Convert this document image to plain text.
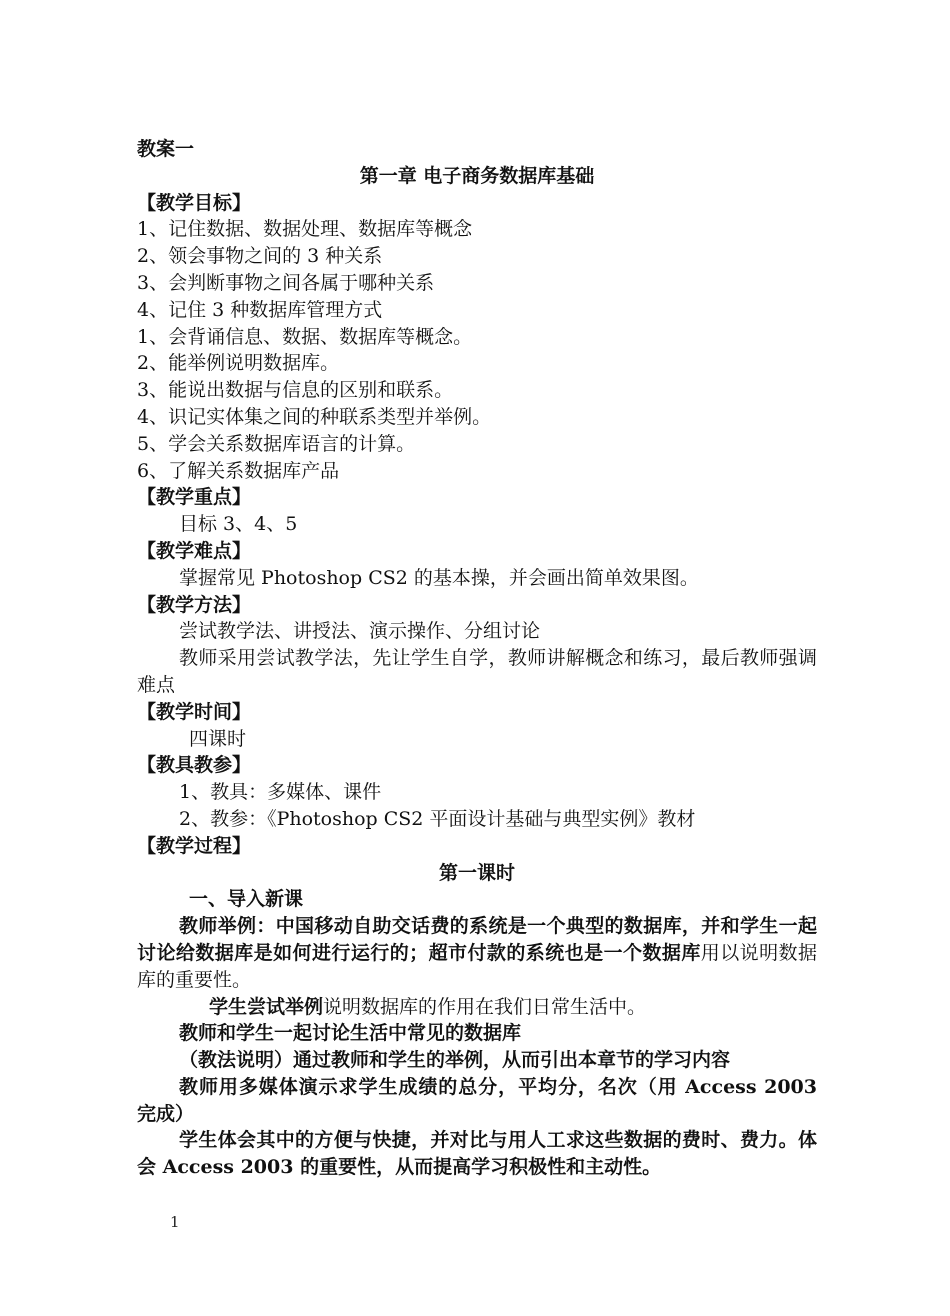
教案一
第一章 电子商务数据库基础
【教学目标】
1、记住数据、数据处理、数据库等概念
2、领会事物之间的 3 种关系
3、会判断事物之间各属于哪种关系
4、记住 3 种数据库管理方式
1、会背诵信息、数据、数据库等概念。
2、能举例说明数据库。
3、能说出数据与信息的区别和联系。
4、识记实体集之间的种联系类型并举例。
5、学会关系数据库语言的计算。
6、了解关系数据库产品
【教学重点】
目标 3、4、5
【教学难点】
掌握常见 Photoshop CS2 的基本操，并会画出简单效果图。
【教学方法】
尝试教学法、讲授法、演示操作、分组讨论
教师采用尝试教学法，先让学生自学，教师讲解概念和练习，最后教师强调难点
【教学时间】
四课时
【教具教参】
1、教具：多媒体、课件
2、教参：《Photoshop CS2 平面设计基础与典型实例》教材
【教学过程】
第一课时
一、导入新课
教师举例：中国移动自助交话费的系统是一个典型的数据库，并和学生一起讨论给数据库是如何进行运行的；超市付款的系统也是一个数据库用以说明数据库的重要性。
学生尝试举例说明数据库的作用在我们日常生活中。
教师和学生一起讨论生活中常见的数据库
（教法说明）通过教师和学生的举例，从而引出本章节的学习内容
教师用多媒体演示求学生成绩的总分，平均分，名次（用 Access 2003 完成）
学生体会其中的方便与快捷，并对比与用人工求这些数据的费时、费力。体会 Access 2003 的重要性，从而提高学习积极性和主动性。
1
